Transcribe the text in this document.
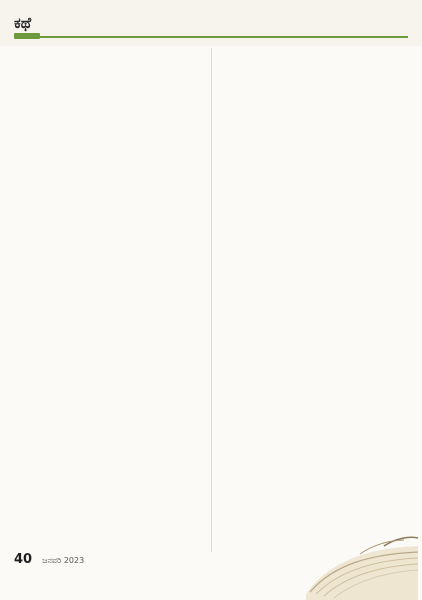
ಕಥೆ
40 ಜನವರಿ 2023
